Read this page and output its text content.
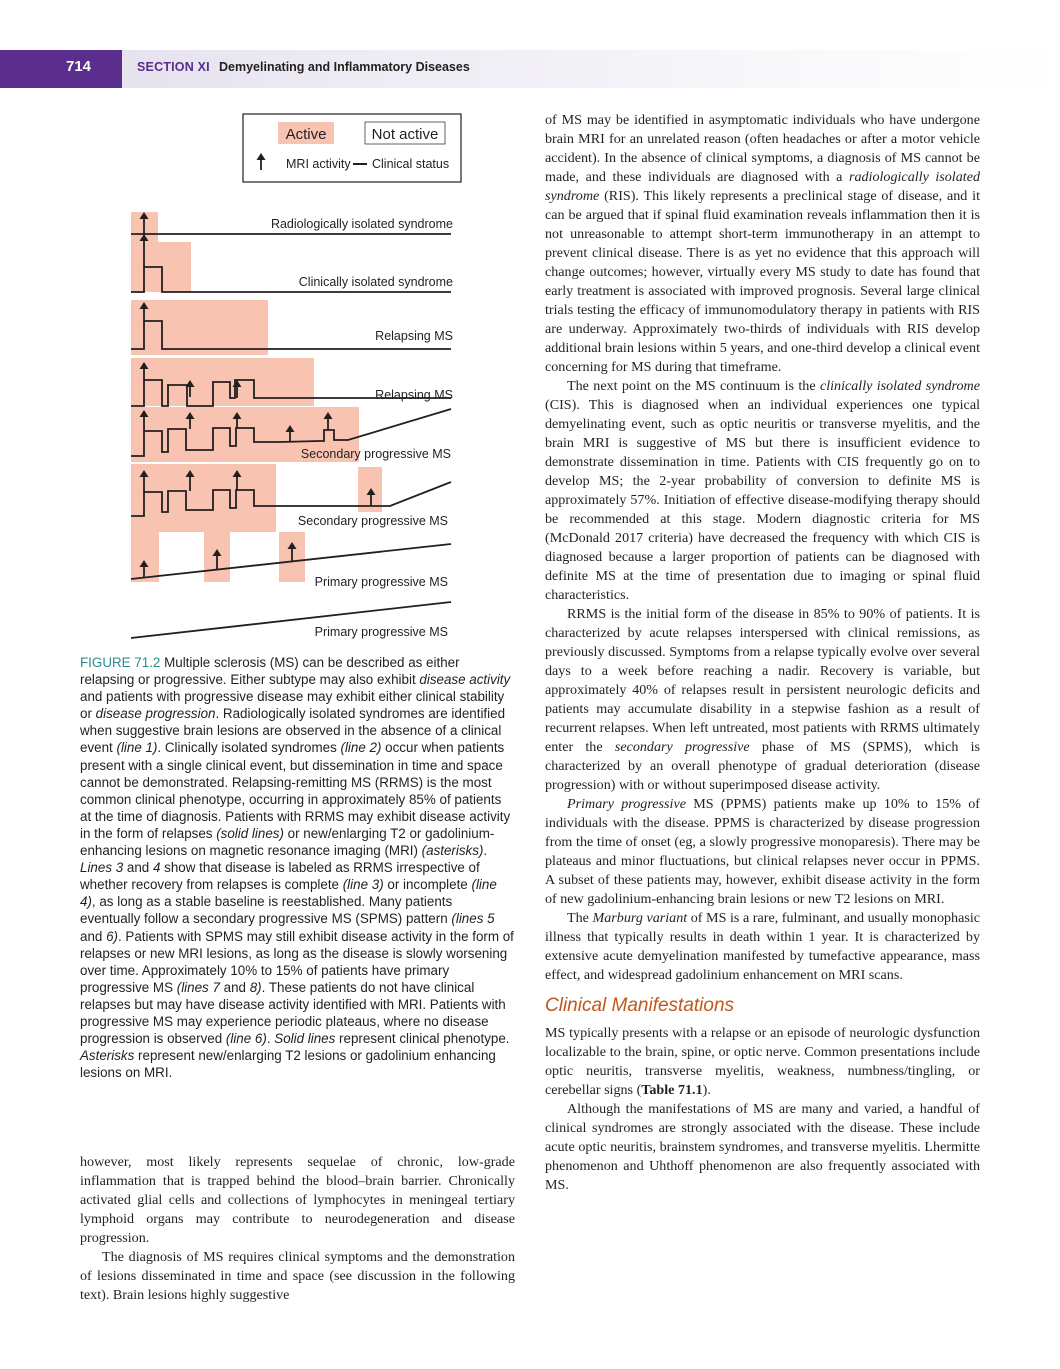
714	SECTION XI Demyelinating and Inflammatory Diseases
Active	Not active
MRI activity Clinical status
Radiologically isolated syndrome
Clinically isolated syndrome
Relapsing MS
Relapsing MS
Secondary progressive MS
Secondary progressive MS
Primary progressive MS
Primary progressive MS
FIGURE 71.2 Multiple sclerosis (MS) can be described as either relapsing or progressive. Either subtype may also exhibit disease activity and patients with progressive disease may exhibit either clinical stability or disease progression. Radiologically isolated syndromes are identified when suggestive brain lesions are observed in the absence of a clinical event (line 1). Clinically isolated syndromes (line 2) occur when patients present with a single clinical event, but dissemination in time and space cannot be demonstrated. Relapsing-remitting MS (RRMS) is the most common clinical phenotype, occurring in approximately 85% of patients at the time of diagnosis. Patients with RRMS may exhibit disease activity in the form of relapses (solid lines) or new/enlarging T2 or gadolinium-enhancing lesions on magnetic resonance imaging (MRI) (asterisks). Lines 3 and 4 show that disease is labeled as RRMS irrespective of whether recovery from relapses is complete (line 3) or incomplete (line 4), as long as a stable baseline is reestablished. Many patients eventually follow a secondary progressive MS (SPMS) pattern (lines 5 and 6). Patients with SPMS may still exhibit disease activity in the form of relapses or new MRI lesions, as long as the disease is slowly worsening over time. Approximately 10% to 15% of patients have primary progressive MS (lines 7 and 8). These patients do not have clinical relapses but may have disease activity identified with MRI. Patients with progressive MS may experience periodic plateaus, where no disease progression is observed (line 6). Solid lines represent clinical phenotype. Asterisks represent new/enlarging T2 lesions or gadolinium enhancing lesions on MRI.

however, most likely represents sequelae of chronic, low-grade inflammation that is trapped behind the blood–brain barrier. Chronically activated glial cells and collections of lymphocytes in meningeal tertiary lymphoid organs may contribute to neurodegeneration and disease progression.

The diagnosis of MS requires clinical symptoms and the demonstration of lesions disseminated in time and space (see discussion in the following text). Brain lesions highly suggestive

of MS may be identified in asymptomatic individuals who have undergone brain MRI for an unrelated reason (often headaches or after a motor vehicle accident). In the absence of clinical symptoms, a diagnosis of MS cannot be made, and these individuals are diagnosed with a radiologically isolated syndrome (RIS). This likely represents a preclinical stage of disease, and it can be argued that if spinal fluid examination reveals inflammation then it is not unreasonable to attempt short-term immunotherapy in an attempt to prevent clinical disease. There is as yet no evidence that this approach will change outcomes; however, virtually every MS study to date has found that early treatment is associated with improved prognosis. Several large clinical trials testing the efficacy of immunomodulatory therapy in patients with RIS are underway. Approximately two-thirds of individuals with RIS develop additional brain lesions within 5 years, and one-third develop a clinical event concerning for MS during that timeframe.

The next point on the MS continuum is the clinically isolated syndrome (CIS). This is diagnosed when an individual experiences one typical demyelinating event, such as optic neuritis or transverse myelitis, and the brain MRI is suggestive of MS but there is insufficient evidence to demonstrate dissemination in time. Patients with CIS frequently go on to develop MS; the 2-year probability of conversion to definite MS is approximately 57%. Initiation of effective disease-modifying therapy should be recommended at this stage. Modern diagnostic criteria for MS (McDonald 2017 criteria) have decreased the frequency with which CIS is diagnosed because a larger proportion of patients can be diagnosed with definite MS at the time of presentation due to imaging or spinal fluid characteristics.

RRMS is the initial form of the disease in 85% to 90% of patients. It is characterized by acute relapses interspersed with clinical remissions, as previously discussed. Symptoms from a relapse typically evolve over several days to a week before reaching a nadir. Recovery is variable, but approximately 40% of relapses result in persistent neurologic deficits and patients may accumulate disability in a stepwise fashion as a result of recurrent relapses. When left untreated, most patients with RRMS ultimately enter the secondary progressive phase of MS (SPMS), which is characterized by an overall phenotype of gradual deterioration (disease progression) with or without superimposed disease activity.

Primary progressive MS (PPMS) patients make up 10% to 15% of individuals with the disease. PPMS is characterized by disease progression from the time of onset (eg, a slowly progressive monoparesis). There may be plateaus and minor fluctuations, but clinical relapses never occur in PPMS. A subset of these patients may, however, exhibit disease activity in the form of new gadolinium-enhancing brain lesions or new T2 lesions on MRI.

The Marburg variant of MS is a rare, fulminant, and usually monophasic illness that typically results in death within 1 year. It is characterized by extensive acute demyelination manifested by tumefactive appearance, mass effect, and widespread gadolinium enhancement on MRI scans.

Clinical Manifestations

MS typically presents with a relapse or an episode of neurologic dysfunction localizable to the brain, spine, or optic nerve. Common presentations include optic neuritis, transverse myelitis, weakness, numbness/tingling, or cerebellar signs (Table 71.1).

Although the manifestations of MS are many and varied, a handful of clinical syndromes are strongly associated with the disease. These include acute optic neuritis, brainstem syndromes, and transverse myelitis. Lhermitte phenomenon and Uhthoff phenomenon are also frequently associated with MS.
